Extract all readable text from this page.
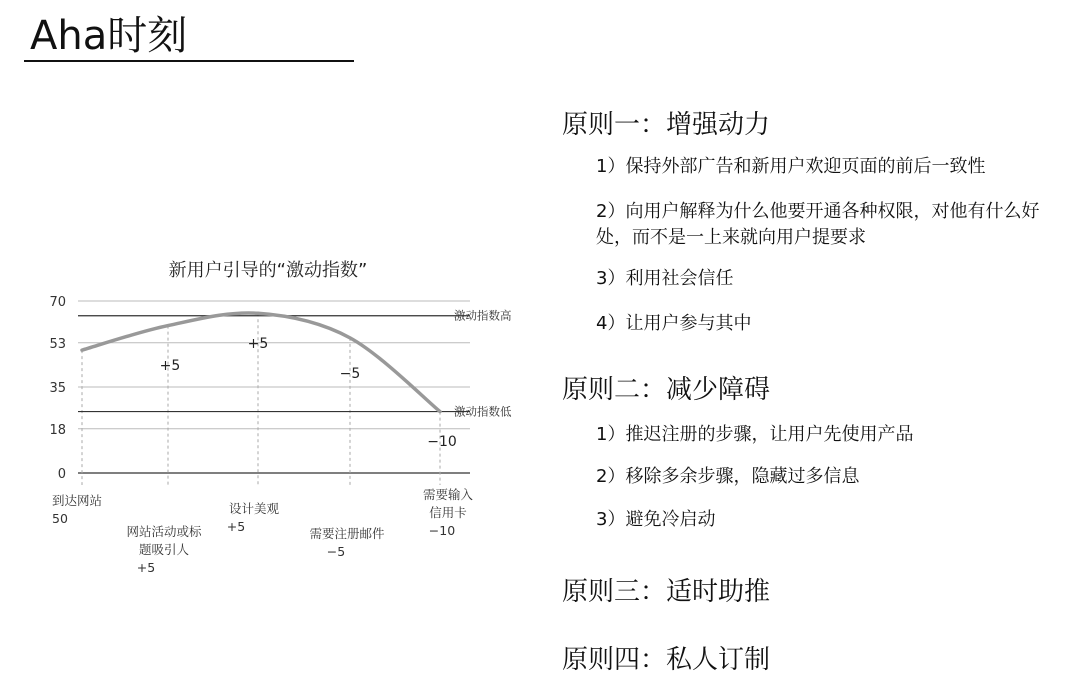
Aha时刻
新用户引导的“激动指数”
0
18
35
53
70
激动指数高
激动指数低
+5
+5
−5
−10
到达网站
50
网站活动或标
题吸引人
+5
设计美观
+5	需要注册邮件
−5
需要输入
信用卡
−10
原则一：增强动力
1）保持外部广告和新用户欢迎页面的前后一致性
2）向用户解释为什么他要开通各种权限，对他有什么好处，而不是一上来就向用户提要求
3）利用社会信任
4）让用户参与其中
原则二：减少障碍
1）推迟注册的步骤，让用户先使用产品
2）移除多余步骤，隐藏过多信息
3）避免冷启动
原则三：适时助推
原则四：私人订制
